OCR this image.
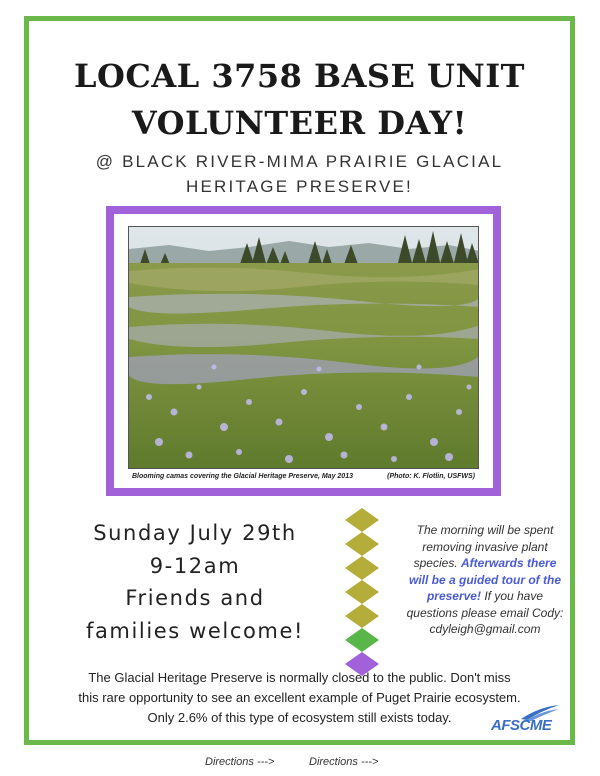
LOCAL 3758 BASE UNIT
VOLUNTEER DAY!

@ BLACK RIVER-MIMA PRAIRIE GLACIAL
HERITAGE PRESERVE!

Blooming camas covering the Glacial Heritage Preserve, May 2013	(Photo: K. Flotlin, USFWS)
Sunday July 29th
9-12am
Friends and
families welcome!

The morning will be spent removing invasive plant species. Afterwards there will be a guided tour of the preserve! If you have questions please email Cody: cdyleigh@gmail.com

The Glacial Heritage Preserve is normally closed to the public. Don't miss
this rare opportunity to see an excellent example of Puget Prairie ecosystem.
Only 2.6% of this type of ecosystem still exists today.	AFSCME
Directions --->	Directions --->
